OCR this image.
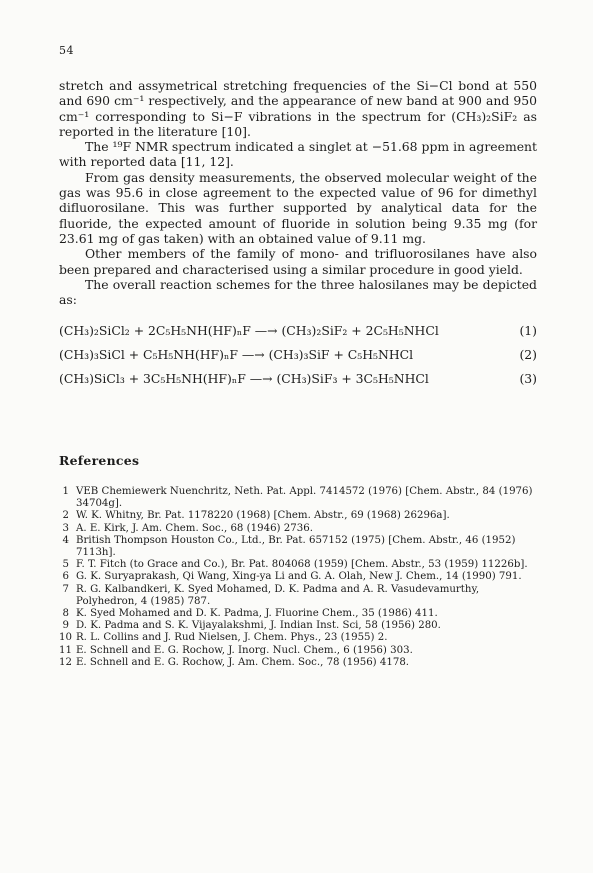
54

stretch and assymetrical stretching frequencies of the Si−Cl bond at 550 and 690 cm⁻¹ respectively, and the appearance of new band at 900 and 950 cm⁻¹ corresponding to Si−F vibrations in the spectrum for (CH₃)₂SiF₂ as reported in the literature [10].

The ¹⁹F NMR spectrum indicated a singlet at −51.68 ppm in agreement with reported data [11, 12].

From gas density measurements, the observed molecular weight of the gas was 95.6 in close agreement to the expected value of 96 for dimethyl difluorosilane. This was further supported by analytical data for the fluoride, the expected amount of fluoride in solution being 9.35 mg (for 23.61 mg of gas taken) with an obtained value of 9.11 mg.

Other members of the family of mono- and trifluorosilanes have also been prepared and characterised using a similar procedure in good yield.

The overall reaction schemes for the three halosilanes may be depicted as:

(CH₃)₂SiCl₂ + 2C₅H₅NH(HF)ₙF —→ (CH₃)₂SiF₂ + 2C₅H₅NHCl	(1)
(CH₃)₃SiCl + C₅H₅NH(HF)ₙF —→ (CH₃)₃SiF + C₅H₅NHCl	(2)
(CH₃)SiCl₃ + 3C₅H₅NH(HF)ₙF —→ (CH₃)SiF₃ + 3C₅H₅NHCl	(3)
References
1 VEB Chemiewerk Nuenchritz, Neth. Pat. Appl. 7414572 (1976) [Chem. Abstr., 84 (1976) 34704g].
2 W. K. Whitny, Br. Pat. 1178220 (1968) [Chem. Abstr., 69 (1968) 26296a].
3 A. E. Kirk, J. Am. Chem. Soc., 68 (1946) 2736.
4 British Thompson Houston Co., Ltd., Br. Pat. 657152 (1975) [Chem. Abstr., 46 (1952) 7113h].
5 F. T. Fitch (to Grace and Co.), Br. Pat. 804068 (1959) [Chem. Abstr., 53 (1959) 11226b].
6 G. K. Suryaprakash, Qi Wang, Xing-ya Li and G. A. Olah, New J. Chem., 14 (1990) 791.
7 R. G. Kalbandkeri, K. Syed Mohamed, D. K. Padma and A. R. Vasudevamurthy, Polyhedron, 4 (1985) 787.
8 K. Syed Mohamed and D. K. Padma, J. Fluorine Chem., 35 (1986) 411.
9 D. K. Padma and S. K. Vijayalakshmi, J. Indian Inst. Sci, 58 (1956) 280.
10 R. L. Collins and J. Rud Nielsen, J. Chem. Phys., 23 (1955) 2.
11 E. Schnell and E. G. Rochow, J. Inorg. Nucl. Chem., 6 (1956) 303.
12 E. Schnell and E. G. Rochow, J. Am. Chem. Soc., 78 (1956) 4178.
